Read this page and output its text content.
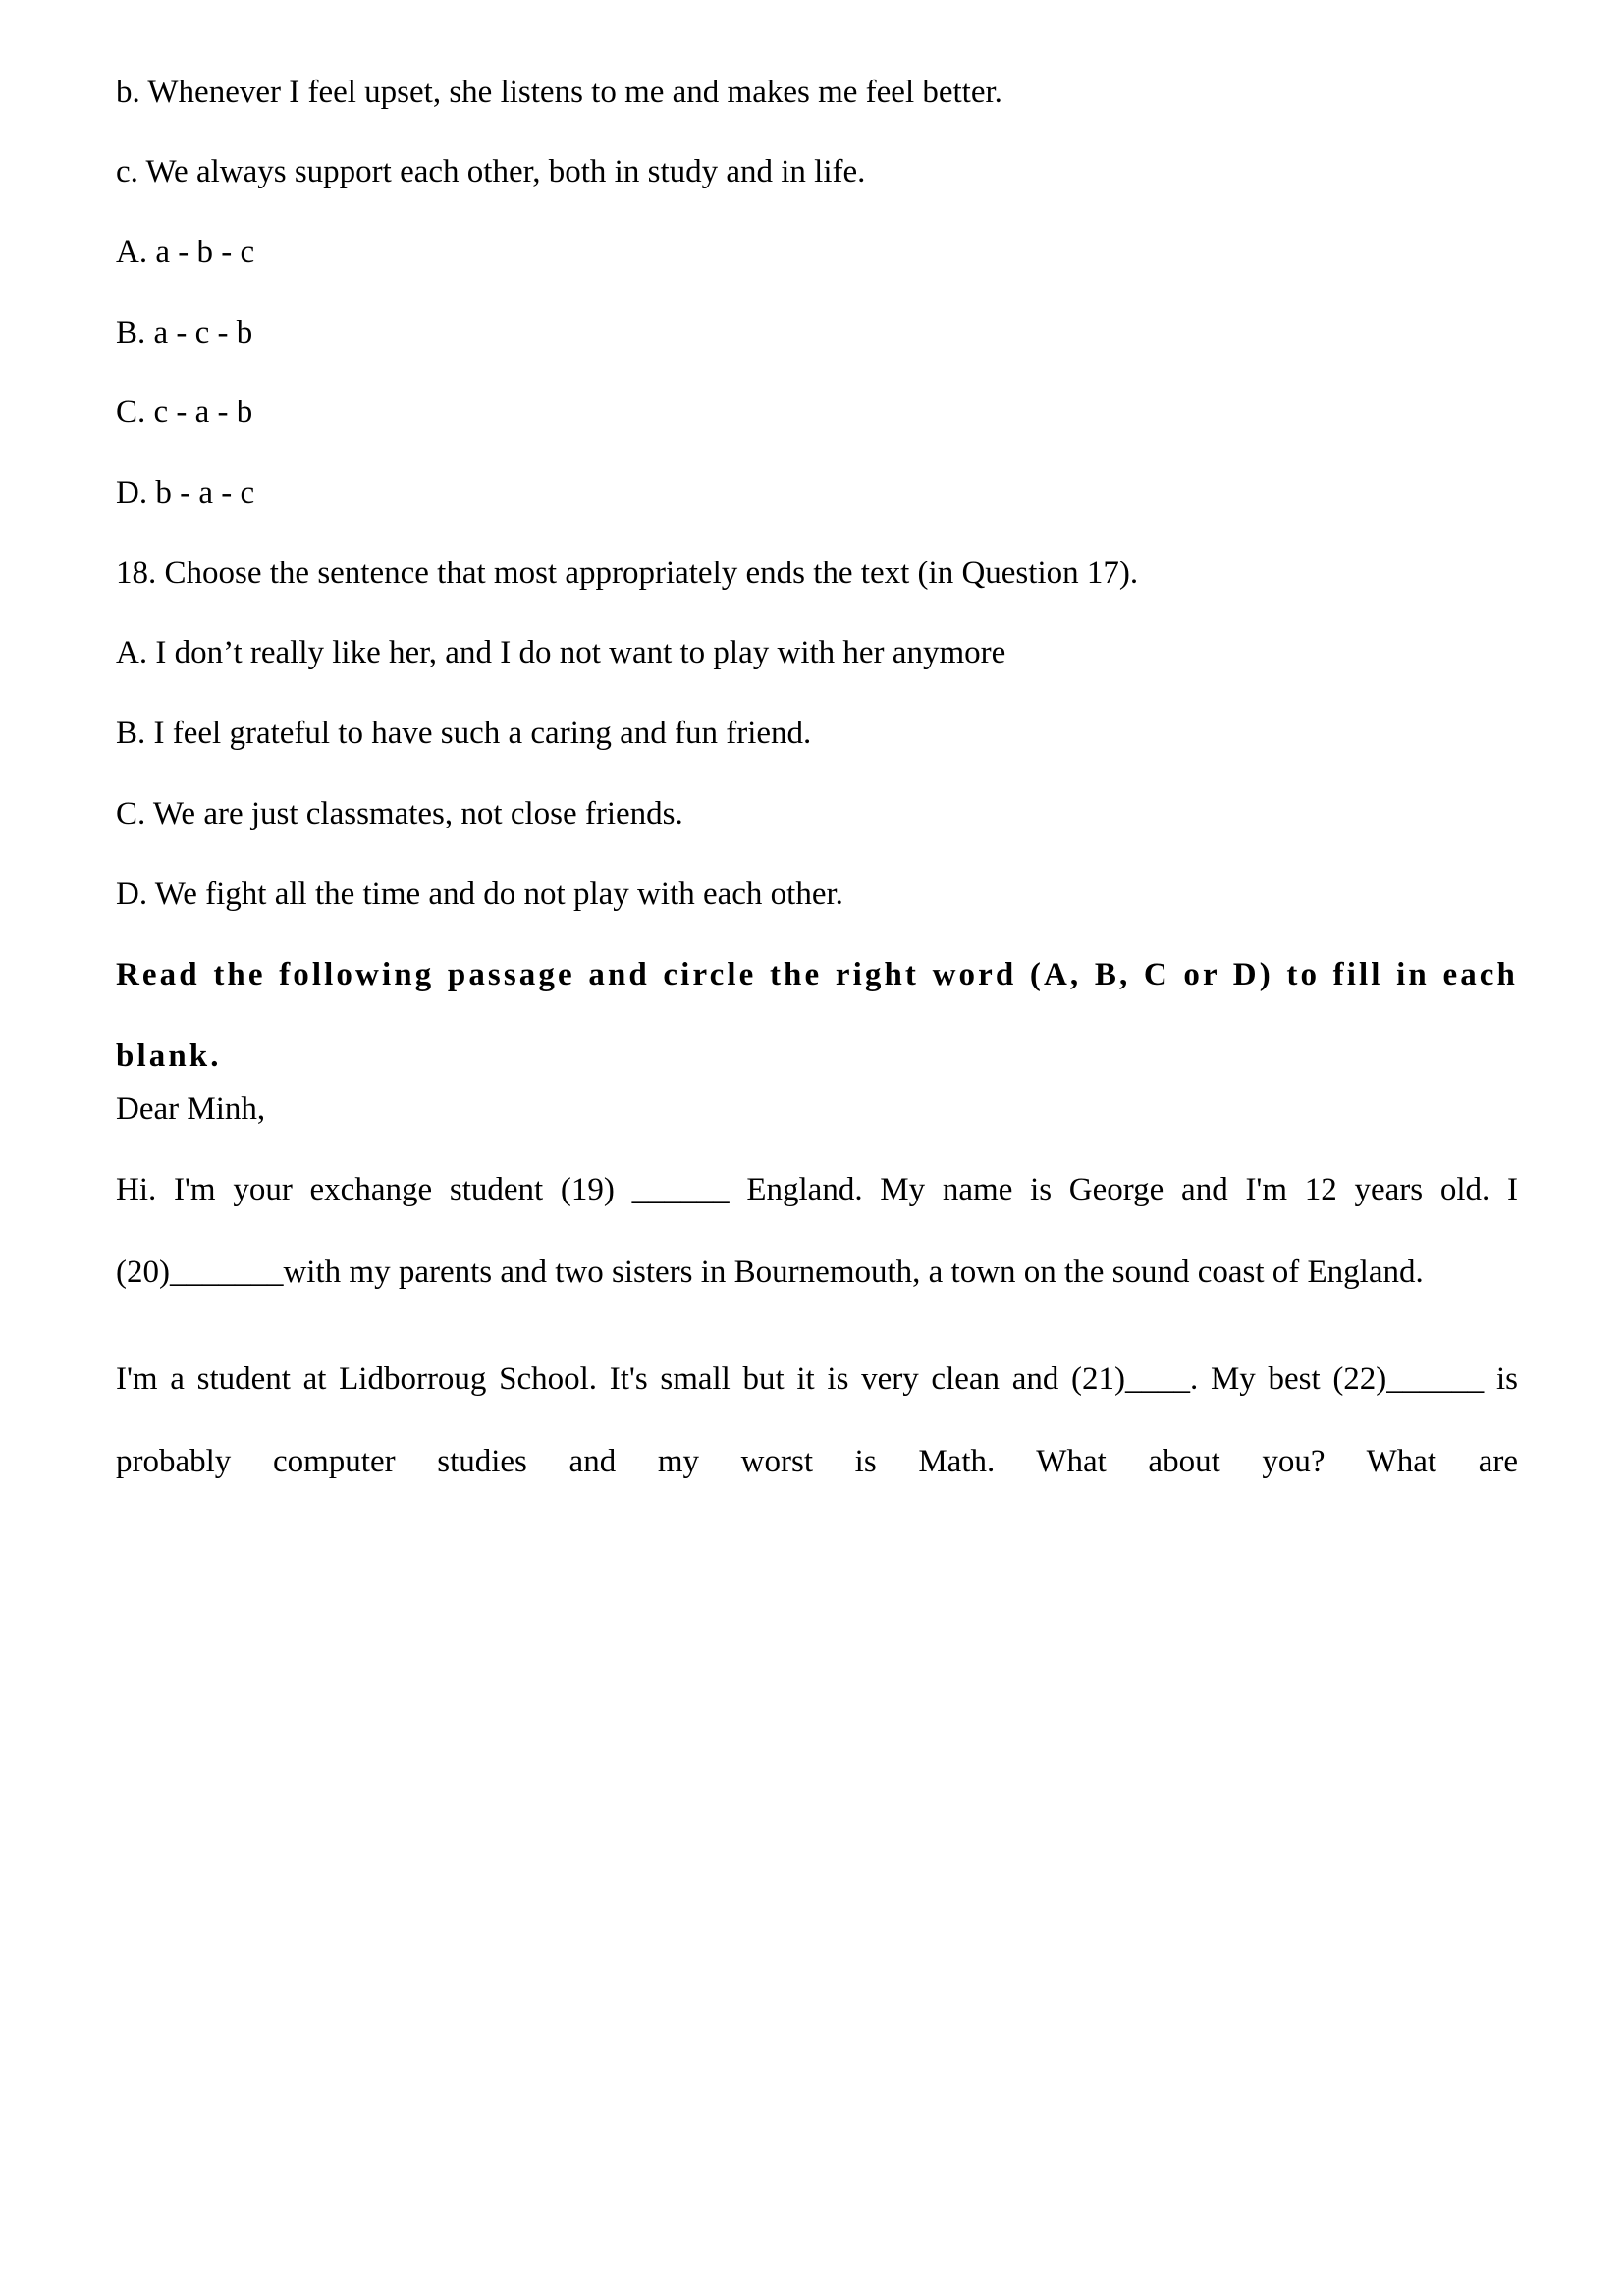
b. Whenever I feel upset, she listens to me and makes me feel better.

c. We always support each other, both in study and in life.

A. a - b - c

B. a - c - b

C. c - a - b

D. b - a - c

18. Choose the sentence that most appropriately ends the text (in Question 17).

A. I don’t really like her, and I do not want to play with her anymore

B. I feel grateful to have such a caring and fun friend.

C. We are just classmates, not close friends.

D. We fight all the time and do not play with each other.

Read the following passage and circle the right word (A, B, C or D) to fill in each blank.

Dear Minh,

Hi. I'm your exchange student (19) ______ England. My name is George and I'm 12 years old. I (20)_______with my parents and two sisters in Bournemouth, a town on the sound coast of England.

I'm a student at Lidborroug School. It's small but it is very clean and (21)____. My best (22)______ is probably computer studies and my worst is Math. What about you? What are
